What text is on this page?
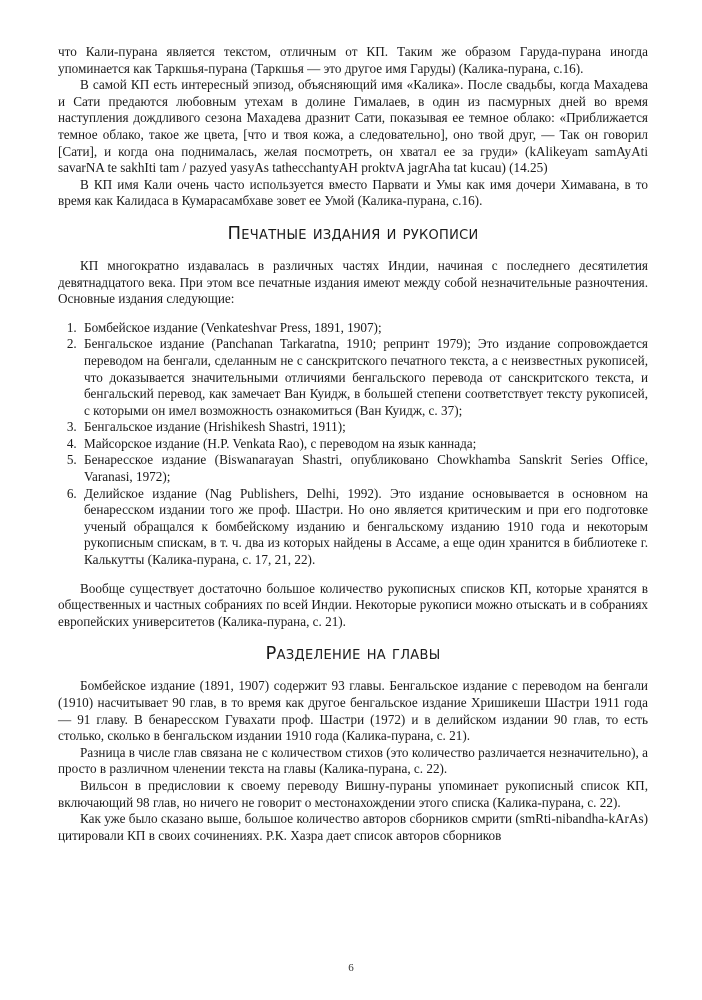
что Кали-пурана является текстом, отличным от КП. Таким же образом Гаруда-пурана иногда упоминается как Таркшья-пурана (Таркшья — это другое имя Гаруды) (Калика-пурана, с.16).

В самой КП есть интересный эпизод, объясняющий имя «Калика». После свадьбы, когда Махадева и Сати предаются любовным утехам в долине Гималаев, в один из пасмурных дней во время наступления дождливого сезона Махадева дразнит Сати, показывая ее темное облако: «Приближается темное облако, такое же цвета, [что и твоя кожа, а следовательно], оно твой друг, — Так он говорил [Сати], и когда она поднималась, желая посмотреть, он хватал ее за груди» (kAlikeyam samAyAti savarNA te sakhIti tam / pazyed yasyAs tathecchantyAH proktvA jagrAha tat kucau) (14.25)

В КП имя Кали очень часто используется вместо Парвати и Умы как имя дочери Химавана, в то время как Калидаса в Кумарасамбхаве зовет ее Умой (Калика-пурана, с.16).

Печатные издания и рукописи

КП многократно издавалась в различных частях Индии, начиная с последнего десятилетия девятнадцатого века. При этом все печатные издания имеют между собой незначительные разночтения. Основные издания следующие:

1. Бомбейское издание (Venkateshvar Press, 1891, 1907);
2. Бенгальское издание (Panchanan Tarkaratna, 1910; репринт 1979); Это издание сопровождается переводом на бенгали, сделанным не с санскритского печатного текста, а с неизвестных рукописей, что доказывается значительными отличиями бенгальского перевода от санскритского текста, и бенгальский перевод, как замечает Ван Куидж, в большей степени соответствует тексту рукописей, с которыми он имел возможность ознакомиться (Ван Куидж, с. 37);
3. Бенгальское издание (Hrishikesh Shastri, 1911);
4. Майсорское издание (H.P. Venkata Rao), с переводом на язык каннада;
5. Бенаресское издание (Biswanarayan Shastri, опубликовано Chowkhamba Sanskrit Series Office, Varanasi, 1972);
6. Делийское издание (Nag Publishers, Delhi, 1992). Это издание основывается в основном на бенаресском издании того же проф. Шастри. Но оно является критическим и при его подготовке ученый обращался к бомбейскому изданию и бенгальскому изданию 1910 года и некоторым рукописным спискам, в т. ч. два из которых найдены в Ассаме, а еще один хранится в библиотеке г. Калькутты (Калика-пурана, с. 17, 21, 22).

Вообще существует достаточно большое количество рукописных списков КП, которые хранятся в общественных и частных собраниях по всей Индии. Некоторые рукописи можно отыскать и в собраниях европейских университетов (Калика-пурана, с. 21).

Разделение на главы

Бомбейское издание (1891, 1907) содержит 93 главы. Бенгальское издание с переводом на бенгали (1910) насчитывает 90 глав, в то время как другое бенгальское издание Хришикеши Шастри 1911 года — 91 главу. В бенаресском Гувахати проф. Шастри (1972) и в делийском издании 90 глав, то есть столько, сколько в бенгальском издании 1910 года (Калика-пурана, с. 21).

Разница в числе глав связана не с количеством стихов (это количество различается незначительно), а просто в различном членении текста на главы (Калика-пурана, с. 22).

Вильсон в предисловии к своему переводу Вишну-пураны упоминает рукописный список КП, включающий 98 глав, но ничего не говорит о местонахождении этого списка (Калика-пурана, с. 22).

Как уже было сказано выше, большое количество авторов сборников смрити (smRti-nibandha-kArAs) цитировали КП в своих сочинениях. Р.К. Хазра дает список авторов сборников

6
